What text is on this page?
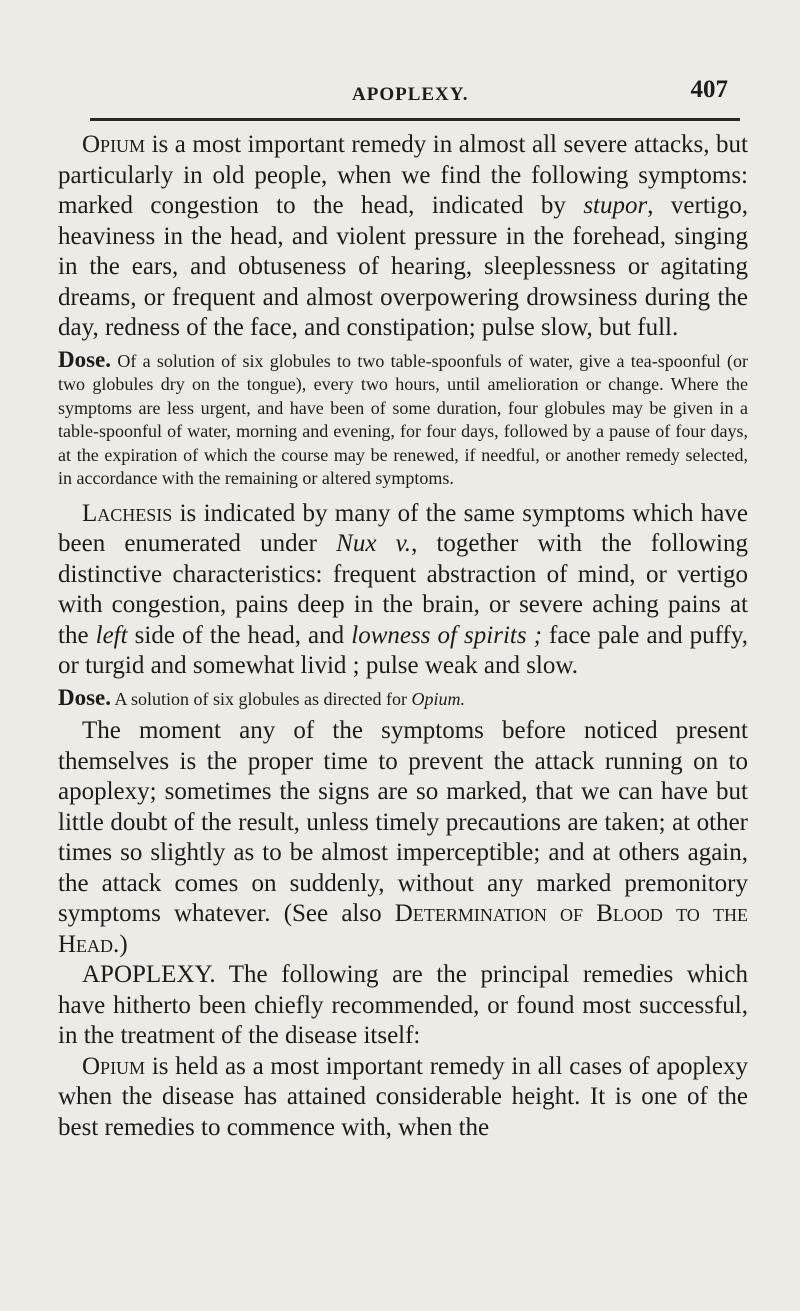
APOPLEXY.	407

Opium is a most important remedy in almost all severe attacks, but particularly in old people, when we find the following symptoms: marked congestion to the head, indicated by stupor, vertigo, heaviness in the head, and violent pressure in the forehead, singing in the ears, and obtuseness of hearing, sleeplessness or agitating dreams, or frequent and almost overpowering drowsiness during the day, redness of the face, and constipation; pulse slow, but full.

Dose. Of a solution of six globules to two table-spoonfuls of water, give a tea-spoonful (or two globules dry on the tongue), every two hours, until amelioration or change. Where the symptoms are less urgent, and have been of some duration, four globules may be given in a table-spoonful of water, morning and evening, for four days, followed by a pause of four days, at the expiration of which the course may be renewed, if needful, or another remedy selected, in accordance with the remaining or altered symptoms.

Lachesis is indicated by many of the same symptoms which have been enumerated under Nux v., together with the following distinctive characteristics: frequent abstraction of mind, or vertigo with congestion, pains deep in the brain, or severe aching pains at the left side of the head, and lowness of spirits ; face pale and puffy, or turgid and somewhat livid ; pulse weak and slow.

Dose. A solution of six globules as directed for Opium.

The moment any of the symptoms before noticed present themselves is the proper time to prevent the attack running on to apoplexy; sometimes the signs are so marked, that we can have but little doubt of the result, unless timely precautions are taken; at other times so slightly as to be almost imperceptible; and at others again, the attack comes on suddenly, without any marked premonitory symptoms whatever. (See also Determination of Blood to the Head.)

APOPLEXY. The following are the principal remedies which have hitherto been chiefly recommended, or found most successful, in the treatment of the disease itself:

Opium is held as a most important remedy in all cases of apoplexy when the disease has attained considerable height. It is one of the best remedies to commence with, when the
